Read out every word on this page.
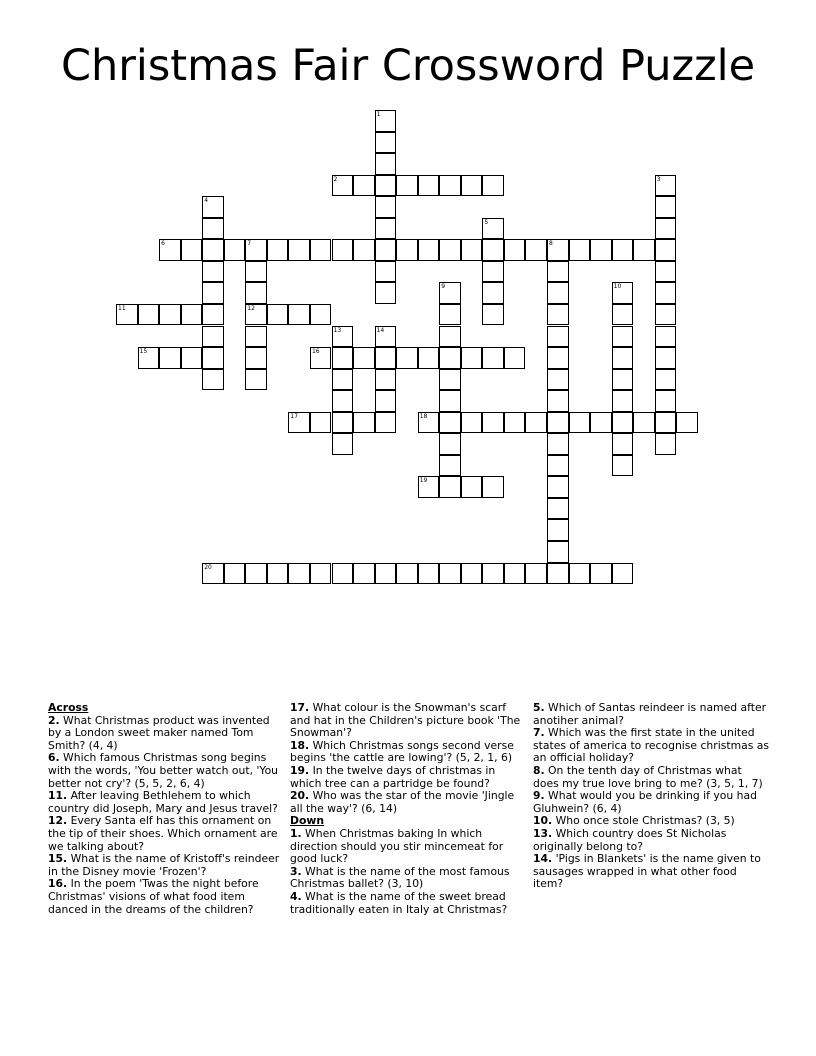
Christmas Fair Crossword Puzzle
1
2	3
4
5
6	7	8
12
9	10
11
13	14
15	16
17	18
19
20
Across
2. What Christmas product was invented by a London sweet maker named Tom Smith? (4, 4)
6. Which famous Christmas song begins with the words, 'You better watch out, 'You better not cry'? (5, 5, 2, 6, 4)
11. After leaving Bethlehem to which country did Joseph, Mary and Jesus travel?
12. Every Santa elf has this ornament on the tip of their shoes. Which ornament are we talking about?
15. What is the name of Kristoff's reindeer in the Disney movie 'Frozen'?
16. In the poem 'Twas the night before Christmas' visions of what food item danced in the dreams of the children?
17. What colour is the Snowman's scarf and hat in the Children's picture book 'The Snowman'?
18. Which Christmas songs second verse begins 'the cattle are lowing'? (5, 2, 1, 6)
19. In the twelve days of christmas in which tree can a partridge be found?
20. Who was the star of the movie 'Jingle all the way'? (6, 14)
Down
1. When Christmas baking In which direction should you stir mincemeat for good luck?
3. What is the name of the most famous Christmas ballet? (3, 10)
4. What is the name of the sweet bread traditionally eaten in Italy at Christmas?
5. Which of Santas reindeer is named after anotiher animal?
7. Which was the first state in the united states of america to recognise christmas as an official holiday?
8. On the tenth day of Christmas what does my true love bring to me? (3, 5, 1, 7)
9. What would you be drinking if you had Gluhwein? (6, 4)
10. Who once stole Christmas? (3, 5)
13. Which country does St Nicholas originally belong to?
14. 'Pigs in Blankets' is the name given to sausages wrapped in what other food item?
